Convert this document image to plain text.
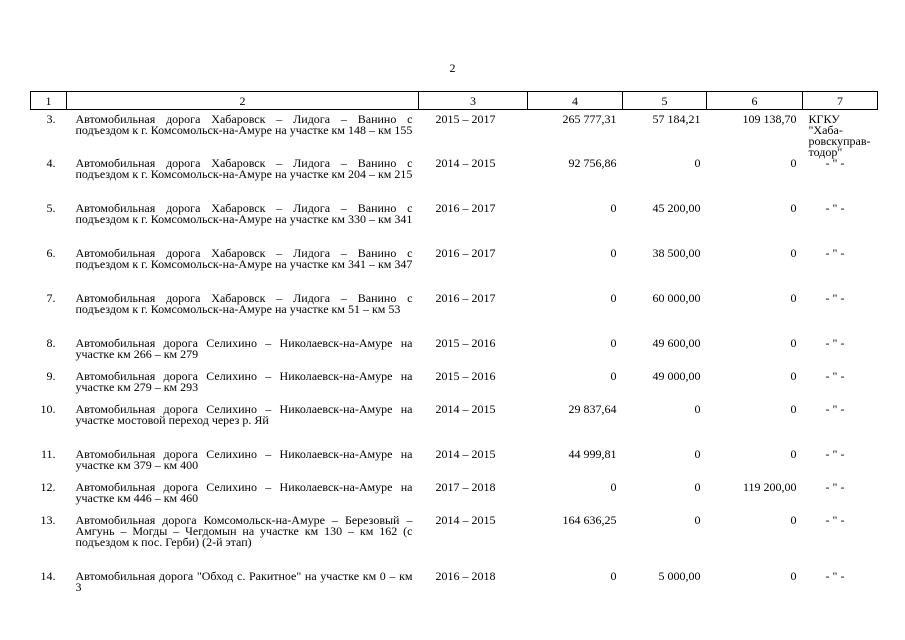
2
1	2	3	4	5	6	7
3.	Автомобильная дорога Хабаровск – Лидога – Ванино с подъездом к г. Комсомольск-на-Амуре на участке км 148 – км 155	2015 – 2017	265 777,31	57 184,21	109 138,70	КГКУ "Хаба-ровскуправ-тодор"
4.	Автомобильная дорога Хабаровск – Лидога – Ванино с подъездом к г. Комсомольск-на-Амуре на участке км 204 – км 215	2014 – 2015	92 756,86	0	0	- " -
5.	Автомобильная дорога Хабаровск – Лидога – Ванино с подъездом к г. Комсомольск-на-Амуре на участке км 330 – км 341	2016 – 2017	0	45 200,00	0	- " -
6.	Автомобильная дорога Хабаровск – Лидога – Ванино с подъездом к г. Комсомольск-на-Амуре на участке км 341 – км 347	2016 – 2017	0	38 500,00	0	- " -
7.	Автомобильная дорога Хабаровск – Лидога – Ванино с подъездом к г. Комсомольск-на-Амуре на участке км 51 – км 53	2016 – 2017	0	60 000,00	0	- " -
8.	Автомобильная дорога Селихино – Николаевск-на-Амуре на участке км 266 – км 279	2015 – 2016	0	49 600,00	0	- " -
9.	Автомобильная дорога Селихино – Николаевск-на-Амуре на участке км 279 – км 293	2015 – 2016	0	49 000,00	0	- " -
10.	Автомобильная дорога Селихино – Николаевск-на-Амуре на участке мостовой переход через р. Яй	2014 – 2015	29 837,64	0	0	- " -
11.	Автомобильная дорога Селихино – Николаевск-на-Амуре на участке км 379 – км 400	2014 – 2015	44 999,81	0	0	- " -
12.	Автомобильная дорога Селихино – Николаевск-на-Амуре на участке км 446 – км 460	2017 – 2018	0	0	119 200,00	- " -
13.	Автомобильная дорога Комсомольск-на-Амуре – Березовый – Амгунь – Могды – Чегдомын на участке км 130 – км 162 (с подъездом к пос. Герби) (2-й этап)	2014 – 2015	164 636,25	0	0	- " -
14.	Автомобильная дорога "Обход с. Ракитное" на участке км 0 – км 3	2016 – 2018	0	5 000,00	0	- " -
